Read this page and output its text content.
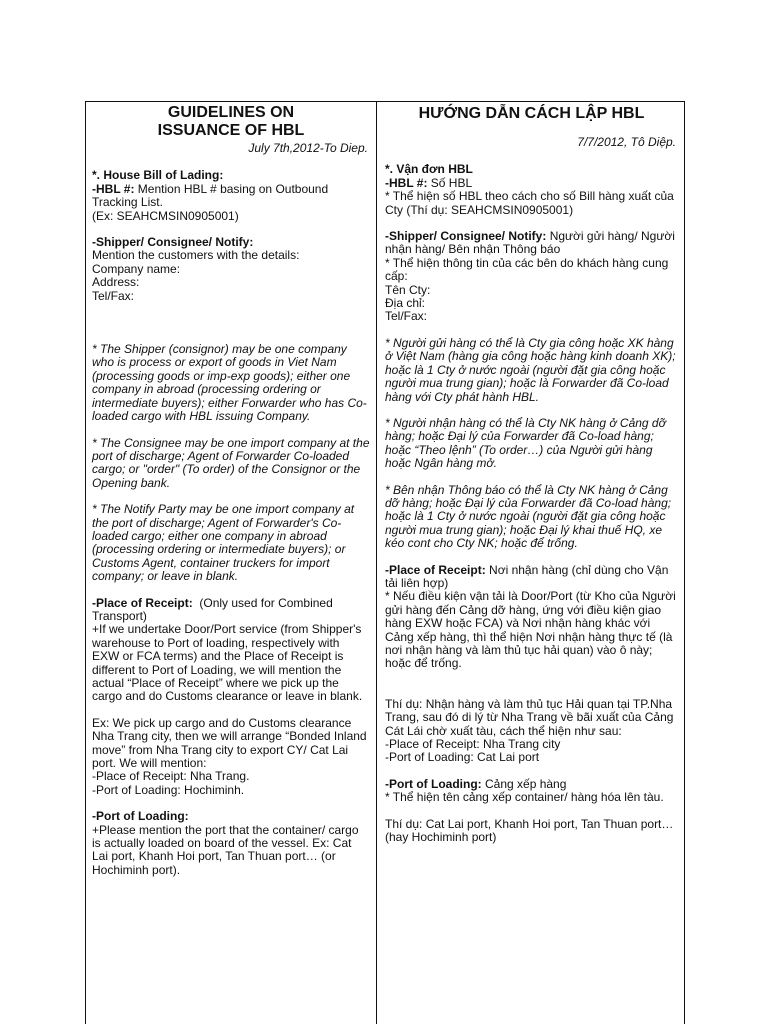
GUIDELINES ON
ISSUANCE OF HBL

July 7th,2012-To Diep.

*. House Bill of Lading:
-HBL #: Mention HBL # basing on Outbound Tracking List.
(Ex: SEAHCMSIN0905001)
-Shipper/ Consignee/ Notify:
Mention the customers with the details:
Company name:
Address:
Tel/Fax:

* The Shipper (consignor) may be one company who is process or export of goods in Viet Nam (processing goods or imp-exp goods); either one company in abroad (processing ordering or intermediate buyers); either Forwarder who has Co-loaded cargo with HBL issuing Company.

* The Consignee may be one import company at the port of discharge; Agent of Forwarder Co-loaded cargo; or "order" (To order) of the Consignor or the Opening bank.

* The Notify Party may be one import company at the port of discharge; Agent of Forwarder's Co-loaded cargo; either one company in abroad (processing ordering or intermediate buyers); or Customs Agent, container truckers for import company; or leave in blank.

-Place of Receipt: (Only used for Combined Transport)
+If we undertake Door/Port service (from Shipper's warehouse to Port of loading, respectively with EXW or FCA terms) and the Place of Receipt is different to Port of Loading, we will mention the actual “Place of Receipt” where we pick up the cargo and do Customs clearance or leave in blank.
Ex: We pick up cargo and do Customs clearance Nha Trang city, then we will arrange “Bonded Inland move” from Nha Trang city to export CY/ Cat Lai port. We will mention:
-Place of Receipt: Nha Trang.
-Port of Loading: Hochiminh.
-Port of Loading:
+Please mention the port that the container/ cargo is actually loaded on board of the vessel. Ex: Cat Lai port, Khanh Hoi port, Tan Thuan port… (or Hochiminh port).

HƯỚNG DẪN CÁCH LẬP HBL

7/7/2012, Tô Diệp.

*. Vận đơn HBL
-HBL #: Số HBL
* Thể hiện số HBL theo cách cho số Bill hàng xuất của Cty (Thí dụ: SEAHCMSIN0905001)
-Shipper/ Consignee/ Notify: Người gửi hàng/ Người nhận hàng/ Bên nhận Thông báo
* Thể hiện thông tin của các bên do khách hàng cung cấp:
Tên Cty:
Địa chỉ:
Tel/Fax:

* Người gửi hàng có thể là Cty gia công hoặc XK hàng ở Việt Nam (hàng gia công hoặc hàng kinh doanh XK); hoặc là 1 Cty ở nước ngoài (người đặt gia công hoặc người mua trung gian); hoặc là Forwarder đã Co-load hàng với Cty phát hành HBL.

* Người nhận hàng có thể là Cty NK hàng ở Cảng dỡ hàng; hoặc Đại lý của Forwarder đã Co-load hàng; hoặc “Theo lệnh” (To order…) của Người gửi hàng hoặc Ngân hàng mở.

* Bên nhận Thông báo có thể là Cty NK hàng ở Cảng dỡ hàng; hoặc Đại lý của Forwarder đã Co-load hàng; hoặc là 1 Cty ở nước ngoài (người đặt gia công hoặc người mua trung gian); hoặc Đại lý khai thuế HQ, xe kéo cont cho Cty NK; hoặc để trống.

-Place of Receipt: Nơi nhận hàng (chỉ dùng cho Vận tải liên hợp)
* Nếu điều kiện vận tải là Door/Port (từ Kho của Người gửi hàng đến Cảng dỡ hàng, ứng với điều kiện giao hàng EXW hoặc FCA) và Nơi nhận hàng khác với Cảng xếp hàng, thì thể hiện Nơi nhận hàng thực tế (là nơi nhận hàng và làm thủ tục hải quan) vào ô này; hoặc để trống.
Thí dụ: Nhận hàng và làm thủ tục Hải quan tại TP.Nha Trang, sau đó di lý từ Nha Trang về bãi xuất của Cảng Cát Lái chờ xuất tàu, cách thể hiện như sau:
-Place of Receipt: Nha Trang city
-Port of Loading: Cat Lai port
-Port of Loading: Cảng xếp hàng
* Thể hiện tên cảng xếp container/ hàng hóa lên tàu.

Thí dụ: Cat Lai port, Khanh Hoi port, Tan Thuan port… (hay Hochiminh port)
